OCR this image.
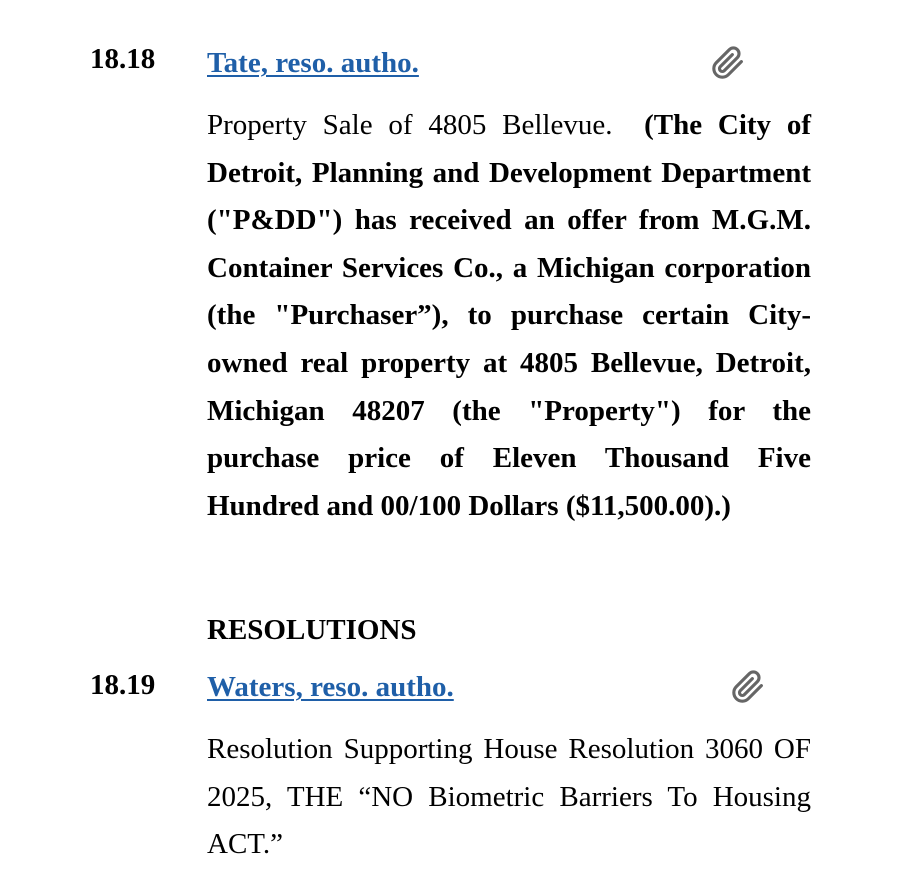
18.18 Tate, reso. autho.
Property Sale of 4805 Bellevue. (The City of Detroit, Planning and Development Department ("P&DD") has received an offer from M.G.M. Container Services Co., a Michigan corporation (the "Purchaser”), to purchase certain City-owned real property at 4805 Bellevue, Detroit, Michigan 48207 (the "Property") for the purchase price of Eleven Thousand Five Hundred and 00/100 Dollars ($11,500.00).)
RESOLUTIONS
18.19 Waters, reso. autho.
Resolution Supporting House Resolution 3060 OF 2025, THE “NO Biometric Barriers To Housing ACT.”
